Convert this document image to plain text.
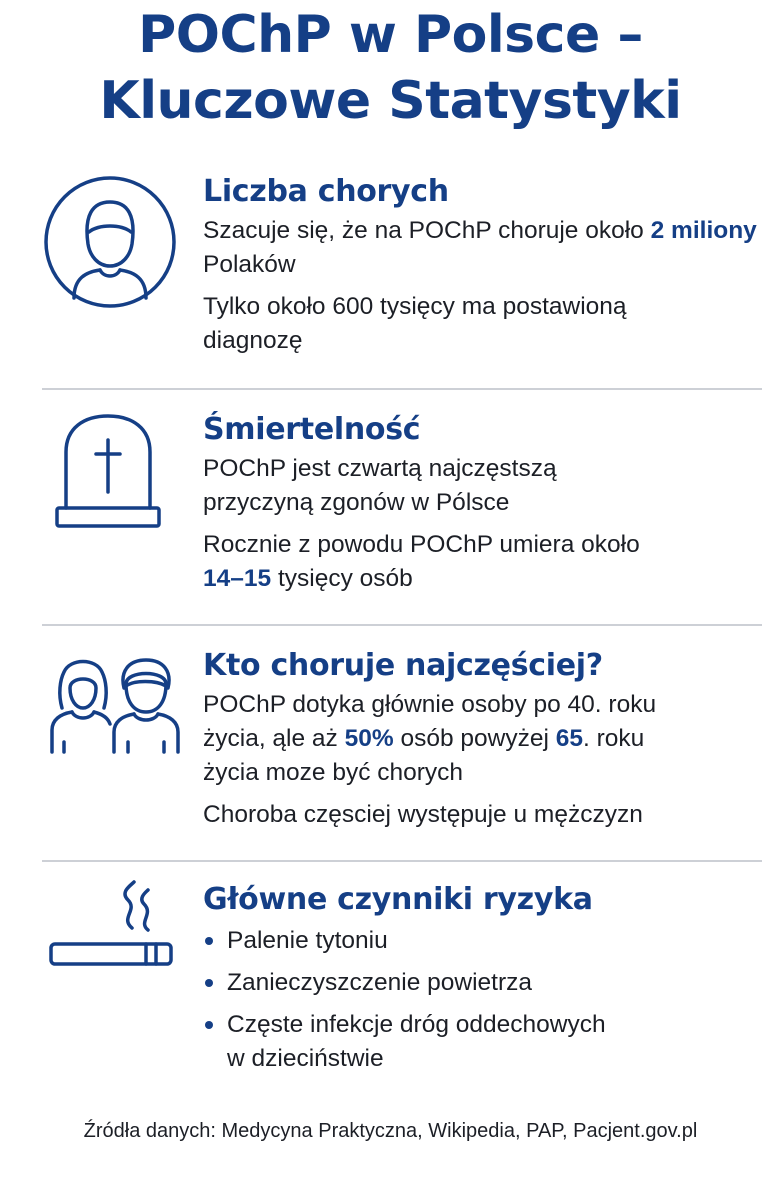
POChP w Polsce –
Kluczowe Statystyki
Liczba chorych
Szacuje się, że na POChP choruje około 2 miliony Polaków
Tylko około 600 tysięcy ma postawioną diagnozę
Śmiertelność
POChP jest czwartą najczęstszą przyczyną zgonów w Pólsce
Rocznie z powodu POChP umiera około 14–15 tysięcy osób
Kto choruje najczęściej?
POChP dotyka głównie osoby po 40. roku życia, ąle aż 50% osób powyżej 65. roku życia moze być chorych
Choroba częsciej występuje u mężczyzn
Główne czynniki ryzyka
Palenie tytoniu
Zanieczyszczenie powietrza
Częste infekcje dróg oddechowych w dzieciństwie
Źródła danych: Medycyna Praktyczna, Wikipedia, PAP, Pacjent.gov.pl
